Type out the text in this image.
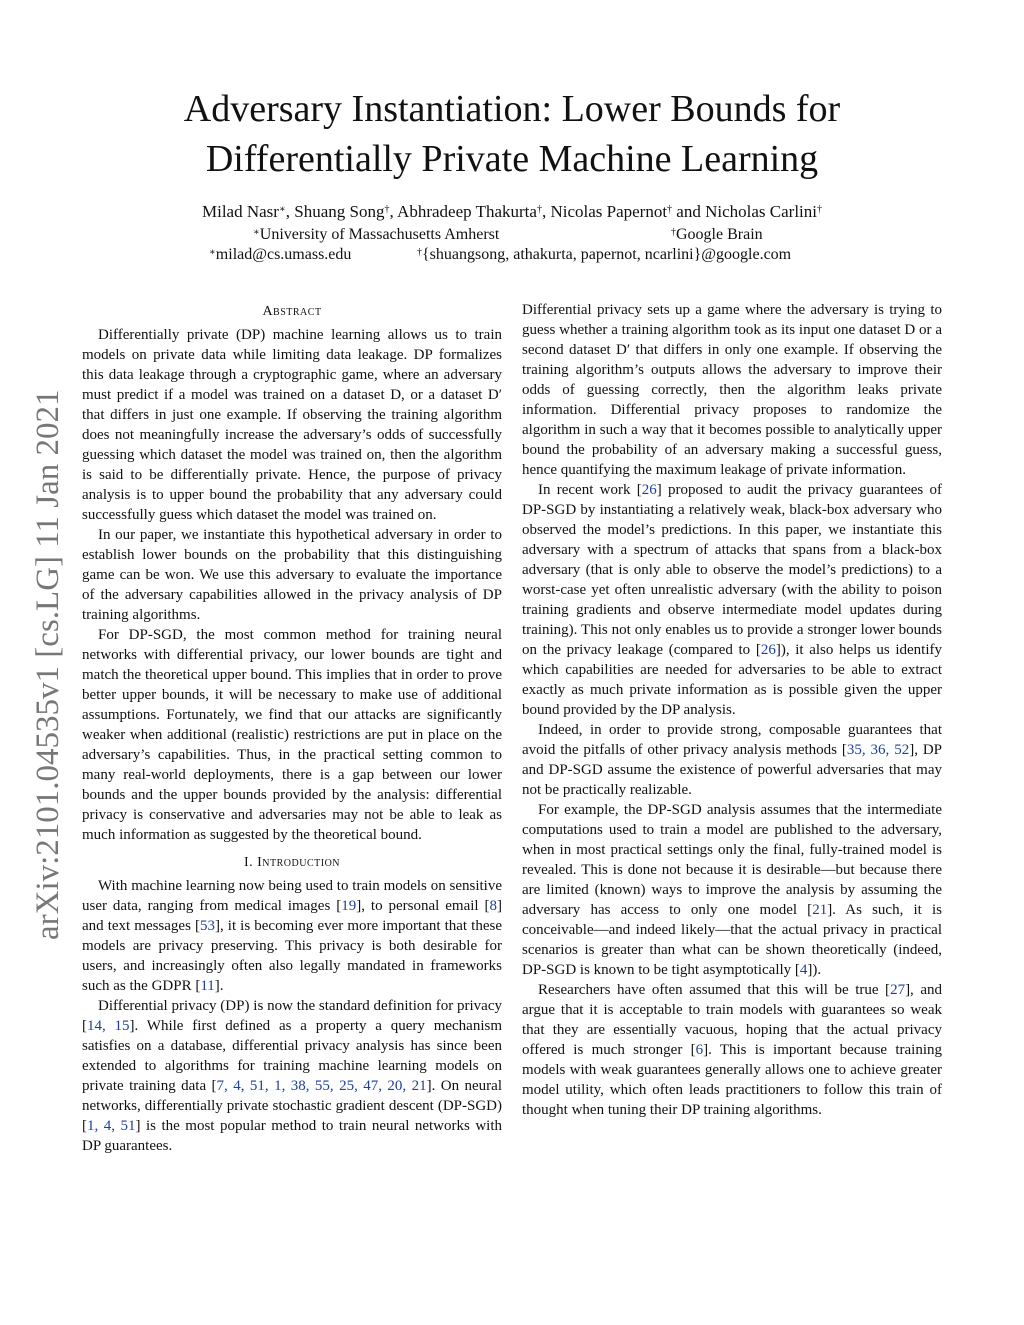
arXiv:2101.04535v1 [cs.LG] 11 Jan 2021
Adversary Instantiation: Lower Bounds for
Differentially Private Machine Learning
Milad Nasr∗, Shuang Song†, Abhradeep Thakurta†, Nicolas Papernot† and Nicholas Carlini†
∗University of Massachusetts Amherst	†Google Brain
∗milad@cs.umass.edu	†{shuangsong, athakurta, papernot, ncarlini}@google.com
Abstract

Differentially private (DP) machine learning allows us to train models on private data while limiting data leakage. DP formalizes this data leakage through a cryptographic game, where an adversary must predict if a model was trained on a dataset D, or a dataset D′ that differs in just one example. If observing the training algorithm does not meaningfully increase the adversary’s odds of successfully guessing which dataset the model was trained on, then the algorithm is said to be differentially private. Hence, the purpose of privacy analysis is to upper bound the probability that any adversary could successfully guess which dataset the model was trained on.

In our paper, we instantiate this hypothetical adversary in order to establish lower bounds on the probability that this distinguishing game can be won. We use this adversary to evaluate the importance of the adversary capabilities allowed in the privacy analysis of DP training algorithms.

For DP-SGD, the most common method for training neural networks with differential privacy, our lower bounds are tight and match the theoretical upper bound. This implies that in order to prove better upper bounds, it will be necessary to make use of additional assumptions. Fortunately, we find that our attacks are significantly weaker when additional (realistic) restrictions are put in place on the adversary’s capabilities. Thus, in the practical setting common to many real-world deployments, there is a gap between our lower bounds and the upper bounds provided by the analysis: differential privacy is conservative and adversaries may not be able to leak as much information as suggested by the theoretical bound.

I. Introduction

With machine learning now being used to train models on sensitive user data, ranging from medical images [19], to personal email [8] and text messages [53], it is becoming ever more important that these models are privacy preserving. This privacy is both desirable for users, and increasingly often also legally mandated in frameworks such as the GDPR [11].

Differential privacy (DP) is now the standard definition for privacy [14, 15]. While first defined as a property a query mechanism satisfies on a database, differential privacy analysis has since been extended to algorithms for training machine learning models on private training data [7, 4, 51, 1, 38, 55, 25, 47, 20, 21]. On neural networks, differentially private stochastic gradient descent (DP-SGD) [1, 4, 51] is the most popular method to train neural networks with DP guarantees.

Differential privacy sets up a game where the adversary is trying to guess whether a training algorithm took as its input one dataset D or a second dataset D′ that differs in only one example. If observing the training algorithm’s outputs allows the adversary to improve their odds of guessing correctly, then the algorithm leaks private information. Differential privacy proposes to randomize the algorithm in such a way that it becomes possible to analytically upper bound the probability of an adversary making a successful guess, hence quantifying the maximum leakage of private information.

In recent work [26] proposed to audit the privacy guarantees of DP-SGD by instantiating a relatively weak, black-box adversary who observed the model’s predictions. In this paper, we instantiate this adversary with a spectrum of attacks that spans from a black-box adversary (that is only able to observe the model’s predictions) to a worst-case yet often unrealistic adversary (with the ability to poison training gradients and observe intermediate model updates during training). This not only enables us to provide a stronger lower bounds on the privacy leakage (compared to [26]), it also helps us identify which capabilities are needed for adversaries to be able to extract exactly as much private information as is possible given the upper bound provided by the DP analysis.

Indeed, in order to provide strong, composable guarantees that avoid the pitfalls of other privacy analysis methods [35, 36, 52], DP and DP-SGD assume the existence of powerful adversaries that may not be practically realizable.

For example, the DP-SGD analysis assumes that the intermediate computations used to train a model are published to the adversary, when in most practical settings only the final, fully-trained model is revealed. This is done not because it is desirable—but because there are limited (known) ways to improve the analysis by assuming the adversary has access to only one model [21]. As such, it is conceivable—and indeed likely—that the actual privacy in practical scenarios is greater than what can be shown theoretically (indeed, DP-SGD is known to be tight asymptotically [4]).

Researchers have often assumed that this will be true [27], and argue that it is acceptable to train models with guarantees so weak that they are essentially vacuous, hoping that the actual privacy offered is much stronger [6]. This is important because training models with weak guarantees generally allows one to achieve greater model utility, which often leads practitioners to follow this train of thought when tuning their DP training algorithms.
